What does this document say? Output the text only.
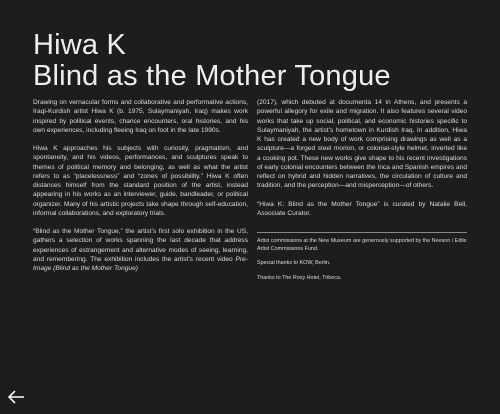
Hiwa K
Blind as the Mother Tongue

Drawing on vernacular forms and collaborative and performative actions, Iraqi-Kurdish artist Hiwa K (b. 1975, Sulaymaniyah, Iraq) makes work inspired by political events, chance encounters, oral histories, and his own experiences, including fleeing Iraq on foot in the late 1990s.

Hiwa K approaches his subjects with curiosity, pragmatism, and spontaneity, and his videos, performances, and sculptures speak to themes of political memory and belonging, as well as what the artist refers to as “placelessness” and “zones of possibility.” Hiwa K often distances himself from the standard position of the artist, instead appearing in his works as an interviewer, guide, bandleader, or political organizer. Many of his artistic projects take shape through self-education, informal collaborations, and exploratory trials.

“Blind as the Mother Tongue,” the artist’s first solo exhibition in the US, gathers a selection of works spanning the last decade that address experiences of estrangement and alternative modes of seeing, learning, and remembering. The exhibition includes the artist’s recent video Pre-Image (Blind as the Mother Tongue)

(2017), which debuted at documenta 14 in Athens, and presents a powerful allegory for exile and migration. It also features several video works that take up social, political, and economic histories specific to Sulaymaniyah, the artist’s hometown in Kurdish Iraq. In addition, Hiwa K has created a new body of work comprising drawings as well as a sculpture—a forged steel morion, or colonial-style helmet, inverted like a cooking pot. These new works give shape to his recent investigations of early colonial encounters between the Inca and Spanish empires and reflect on hybrid and hidden narratives, the circulation of culture and tradition, and the perception—and misperception—of others.

“Hiwa K: Blind as the Mother Tongue” is curated by Natalie Bell, Associate Curator.

Artist commissions at the New Museum are generously supported by the Neeson / Edlis Artist Commissions Fund.

Special thanks to KOW, Berlin.

Thanks to The Roxy Hotel, Tribeca.
